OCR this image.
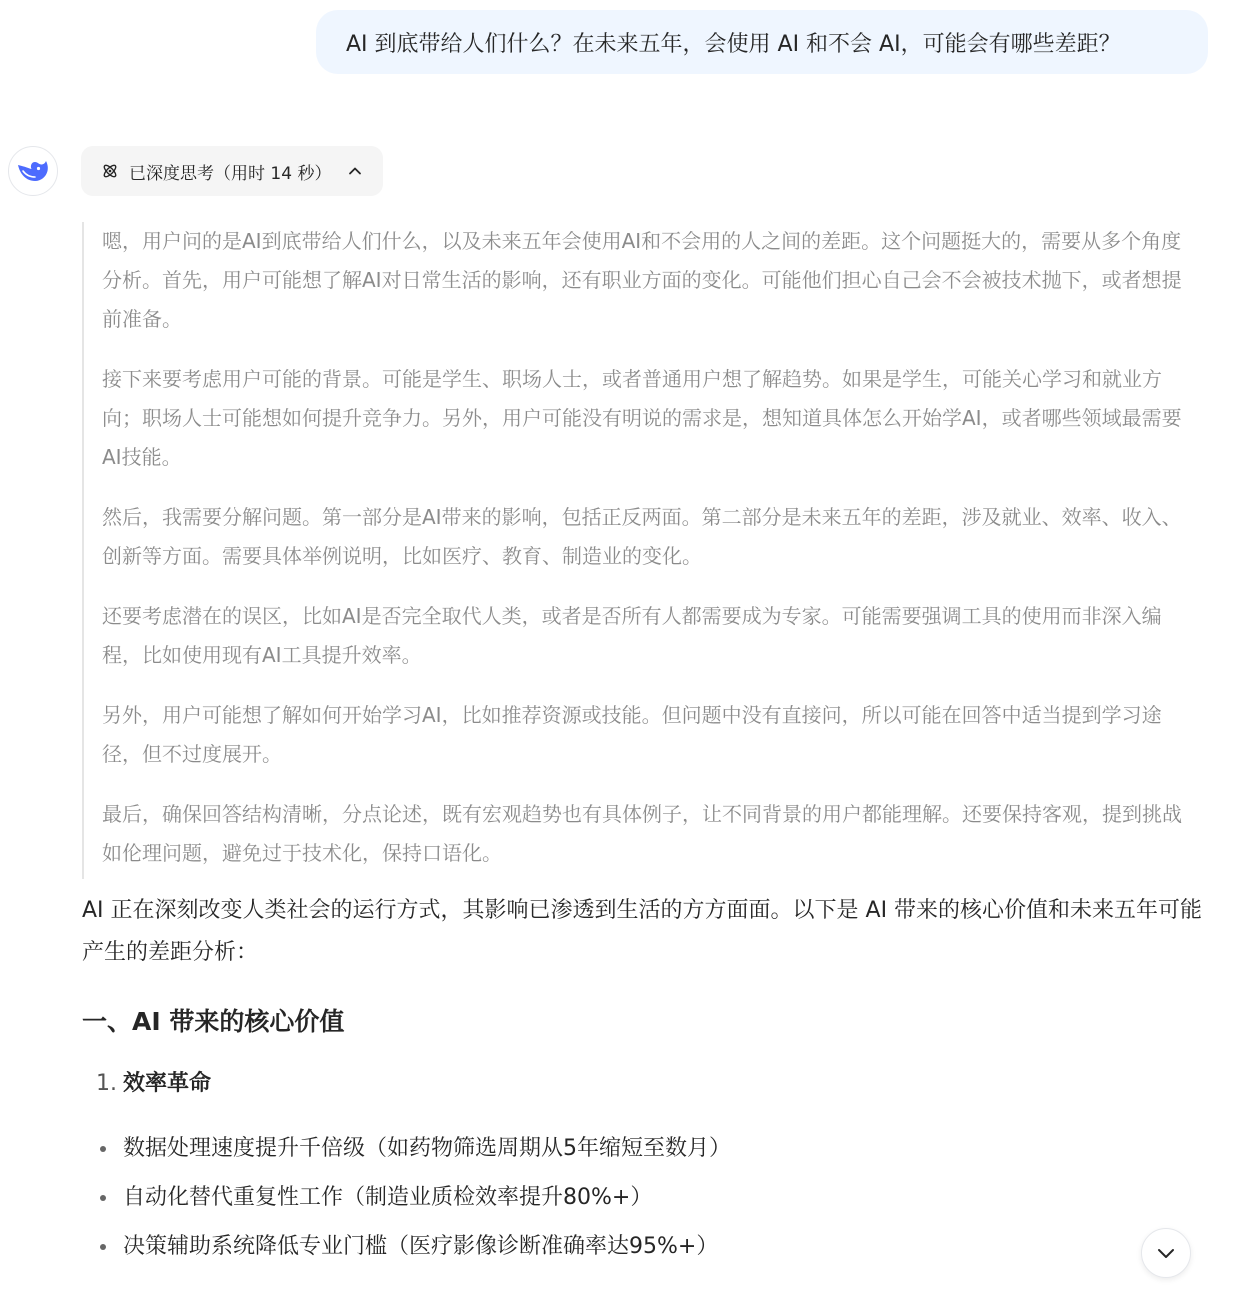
AI 到底带给人们什么？在未来五年，会使用 AI 和不会 AI，可能会有哪些差距？
已深度思考（用时 14 秒）

嗯，用户问的是AI到底带给人们什么，以及未来五年会使用AI和不会用的人之间的差距。这个问题挺大的，需要从多个角度分析。首先，用户可能想了解AI对日常生活的影响，还有职业方面的变化。可能他们担心自己会不会被技术抛下，或者想提前准备。

接下来要考虑用户可能的背景。可能是学生、职场人士，或者普通用户想了解趋势。如果是学生，可能关心学习和就业方向；职场人士可能想如何提升竞争力。另外，用户可能没有明说的需求是，想知道具体怎么开始学AI，或者哪些领域最需要AI技能。

然后，我需要分解问题。第一部分是AI带来的影响，包括正反两面。第二部分是未来五年的差距，涉及就业、效率、收入、创新等方面。需要具体举例说明，比如医疗、教育、制造业的变化。

还要考虑潜在的误区，比如AI是否完全取代人类，或者是否所有人都需要成为专家。可能需要强调工具的使用而非深入编程，比如使用现有AI工具提升效率。

另外，用户可能想了解如何开始学习AI，比如推荐资源或技能。但问题中没有直接问，所以可能在回答中适当提到学习途径，但不过度展开。

最后，确保回答结构清晰，分点论述，既有宏观趋势也有具体例子，让不同背景的用户都能理解。还要保持客观，提到挑战如伦理问题，避免过于技术化，保持口语化。

AI 正在深刻改变人类社会的运行方式，其影响已渗透到生活的方方面面。以下是 AI 带来的核心价值和未来五年可能产生的差距分析：

一、AI 带来的核心价值
1. 效率革命
数据处理速度提升千倍级（如药物筛选周期从5年缩短至数月）
自动化替代重复性工作（制造业质检效率提升80%+）
决策辅助系统降低专业门槛（医疗影像诊断准确率达95%+）
